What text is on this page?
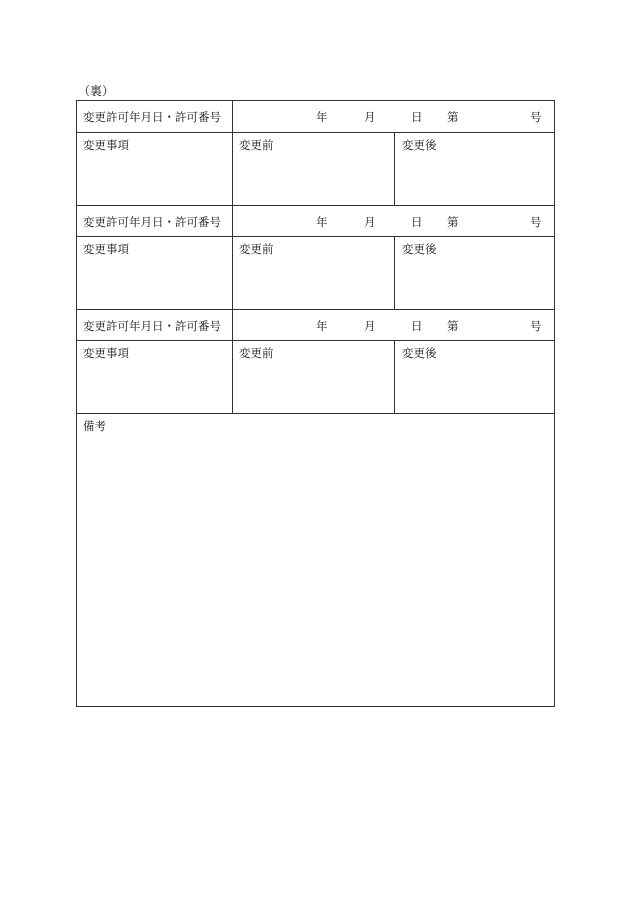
（裏）
変更許可年月日・許可番号	年	月	日 第	号
変更事項	変更前	変更後
変更許可年月日・許可番号	年	月	日 第	号
変更事項	変更前	変更後
変更許可年月日・許可番号	年	月	日 第	号
変更事項	変更前	変更後
備考
